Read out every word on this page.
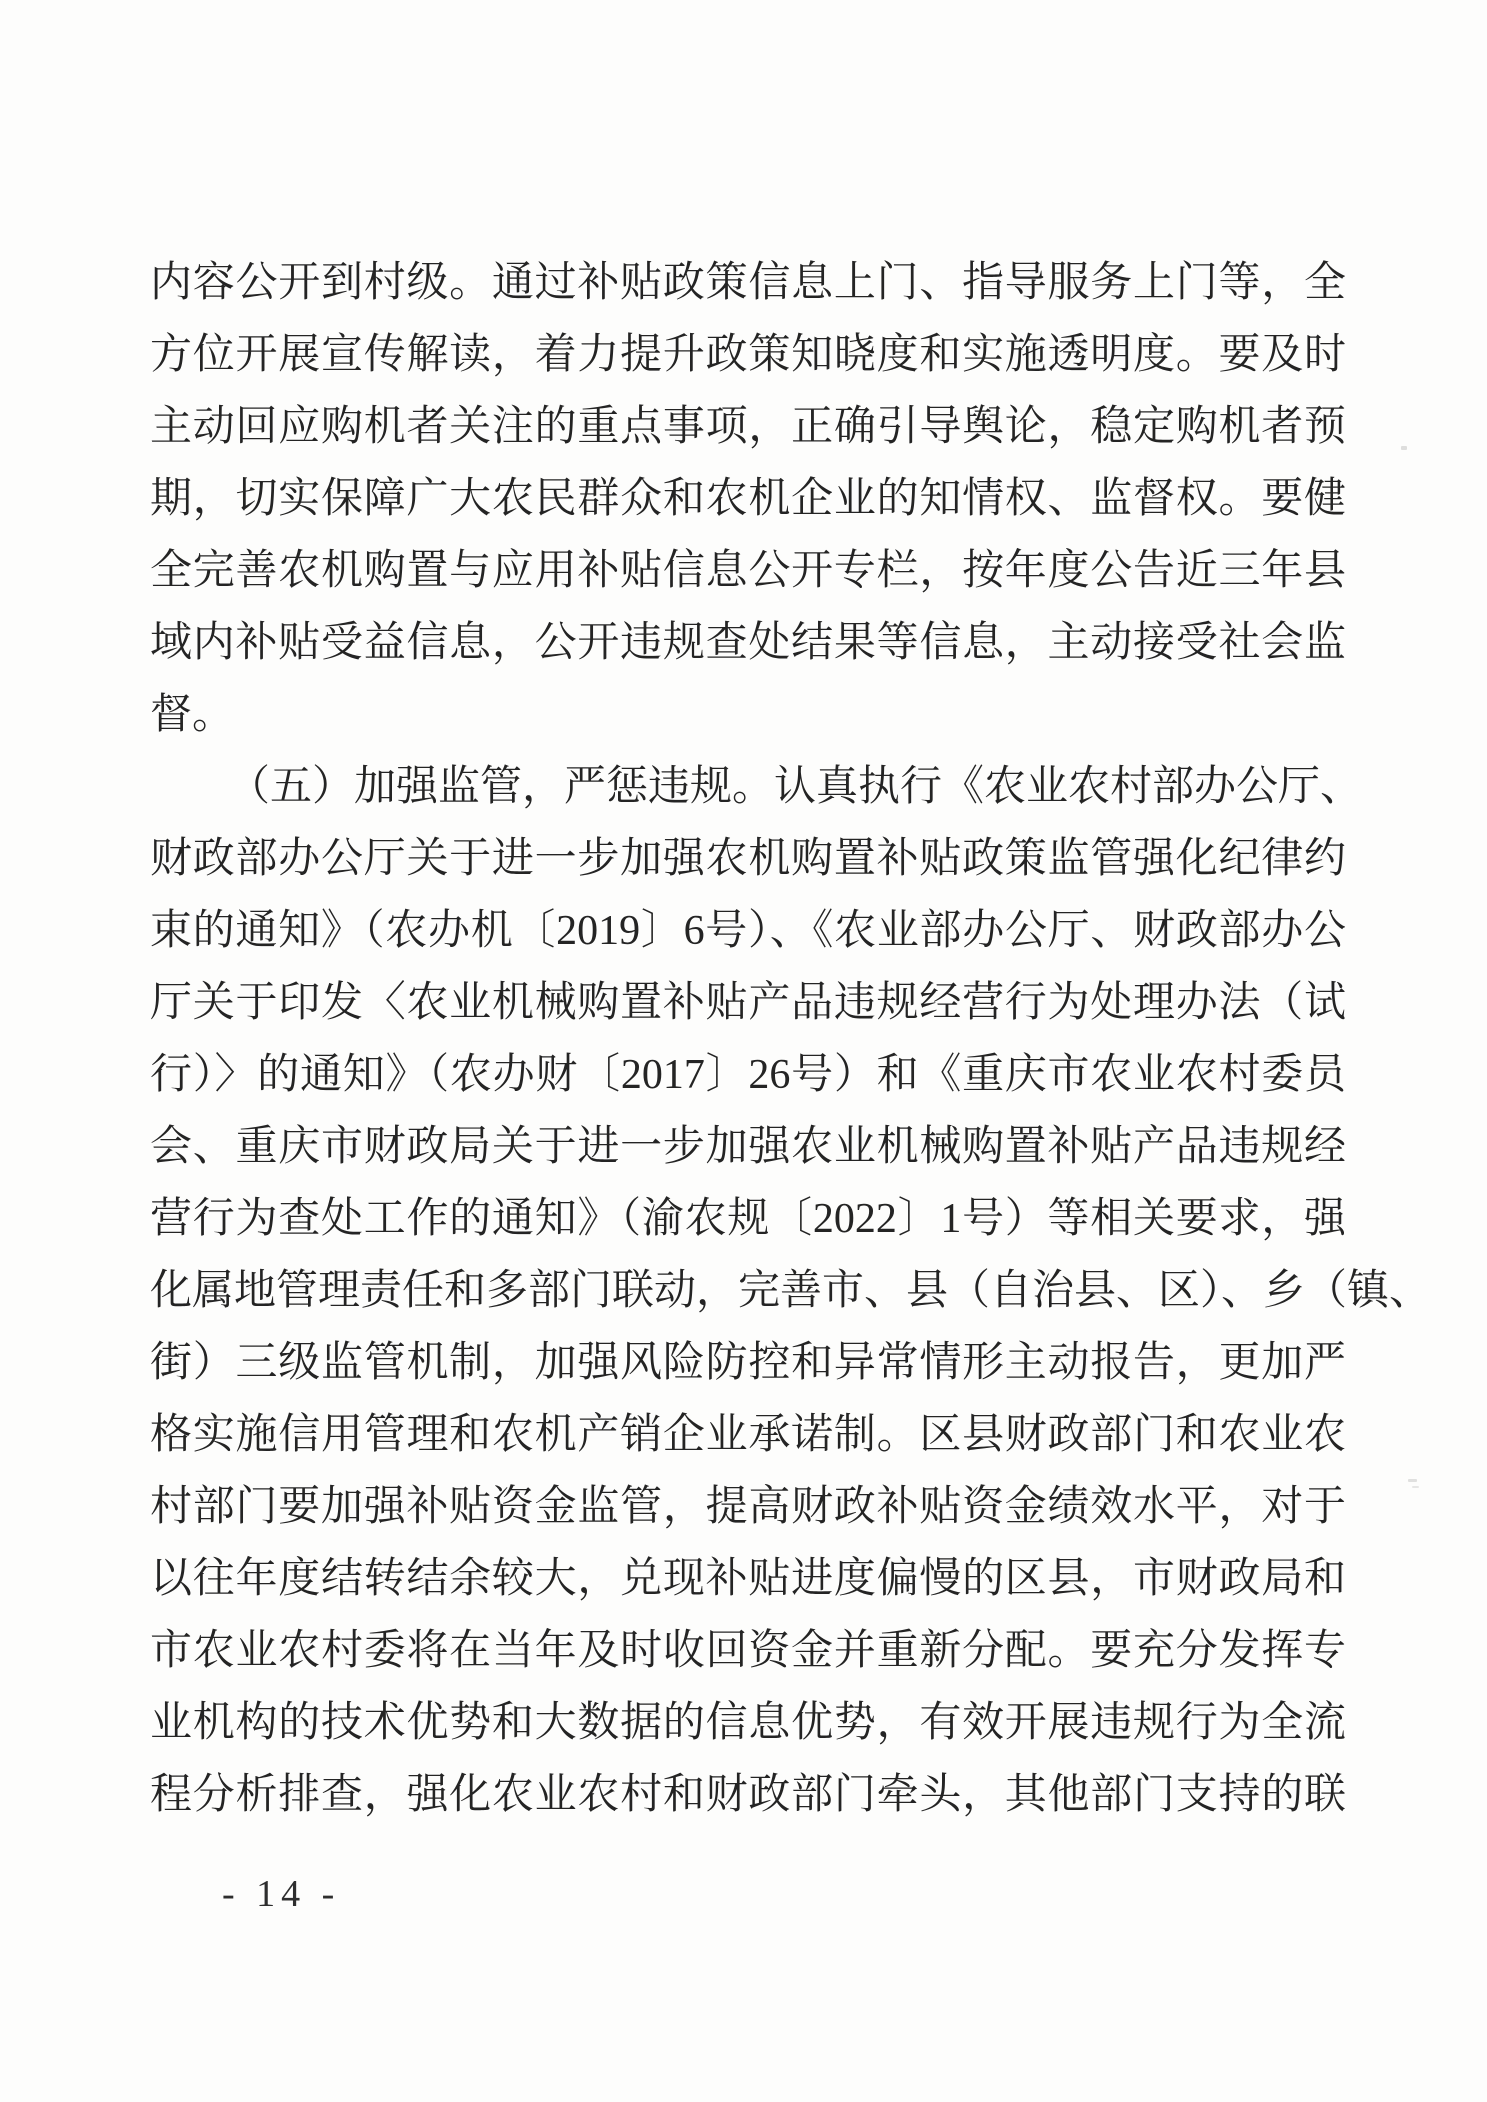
内容公开到村级。通过补贴政策信息上门、指导服务上门等，全
方位开展宣传解读，着力提升政策知晓度和实施透明度。要及时
主动回应购机者关注的重点事项，正确引导舆论，稳定购机者预
期，切实保障广大农民群众和农机企业的知情权、监督权。要健
全完善农机购置与应用补贴信息公开专栏，按年度公告近三年县
域内补贴受益信息，公开违规查处结果等信息，主动接受社会监
督。
（五）加强监管，严惩违规。认真执行《农业农村部办公厅、
财政部办公厅关于进一步加强农机购置补贴政策监管强化纪律约
束的通知》（农办机〔2019〕6号）、《农业部办公厅、财政部办公
厅关于印发〈农业机械购置补贴产品违规经营行为处理办法（试
行）〉的通知》（农办财〔2017〕26号）和《重庆市农业农村委员
会、重庆市财政局关于进一步加强农业机械购置补贴产品违规经
营行为查处工作的通知》（渝农规〔2022〕1号）等相关要求，强
化属地管理责任和多部门联动，完善市、县（自治县、区）、乡（镇、
街）三级监管机制，加强风险防控和异常情形主动报告，更加严
格实施信用管理和农机产销企业承诺制。区县财政部门和农业农
村部门要加强补贴资金监管，提高财政补贴资金绩效水平，对于
以往年度结转结余较大，兑现补贴进度偏慢的区县，市财政局和
市农业农村委将在当年及时收回资金并重新分配。要充分发挥专
业机构的技术优势和大数据的信息优势，有效开展违规行为全流
程分析排查，强化农业农村和财政部门牵头，其他部门支持的联
- 14 -
